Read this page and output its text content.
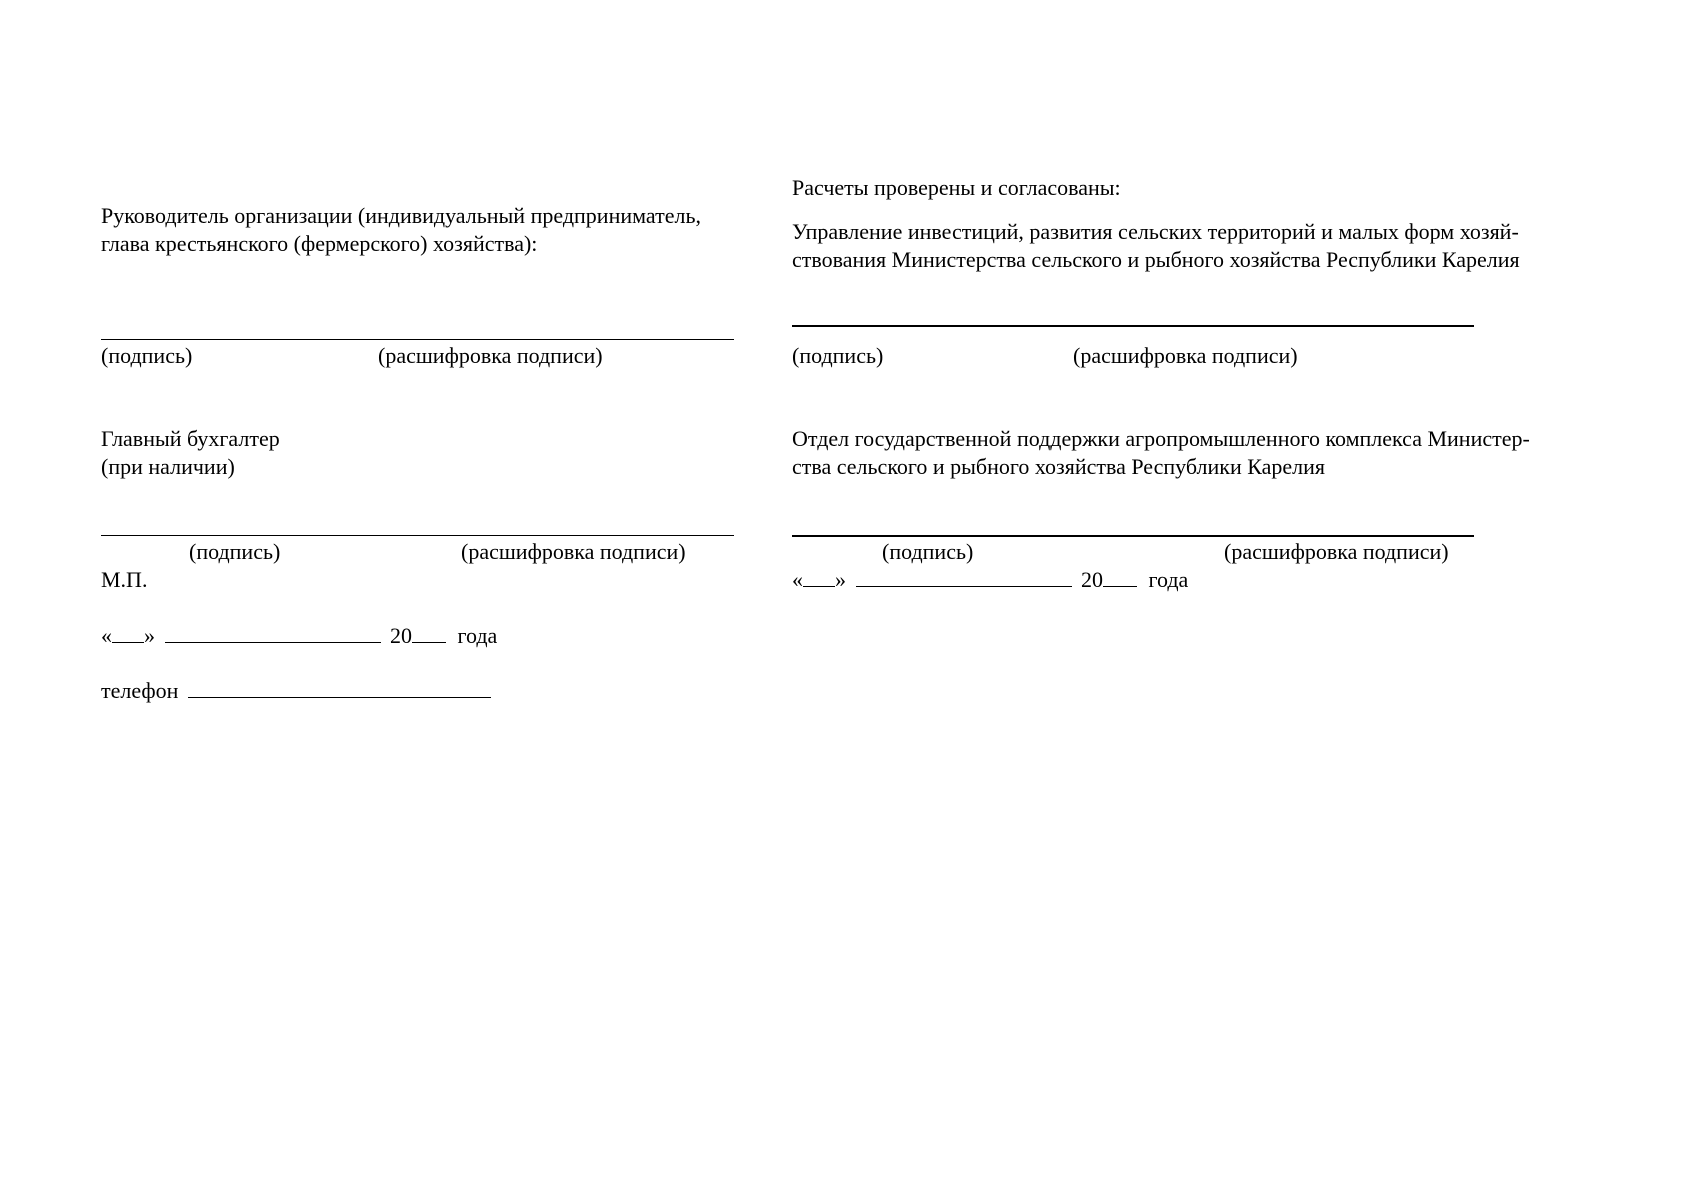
Руководитель организации (индивидуальный предприниматель,
глава крестьянского (фермерского) хозяйства):
(подпись)	(расшифровка подписи)
Главный бухгалтер
(при наличии)
(подпись)	(расшифровка подписи)
М.П.
« »	20 года
телефон
Расчеты проверены и согласованы:
Управление инвестиций, развития сельских территорий и малых форм хозяй-
ствования Министерства сельского и рыбного хозяйства Республики Карелия
(подпись)	(расшифровка подписи)
Отдел государственной поддержки агропромышленного комплекса Министер-
ства сельского и рыбного хозяйства Республики Карелия
(подпись)	(расшифровка подписи)
« »	20 года
